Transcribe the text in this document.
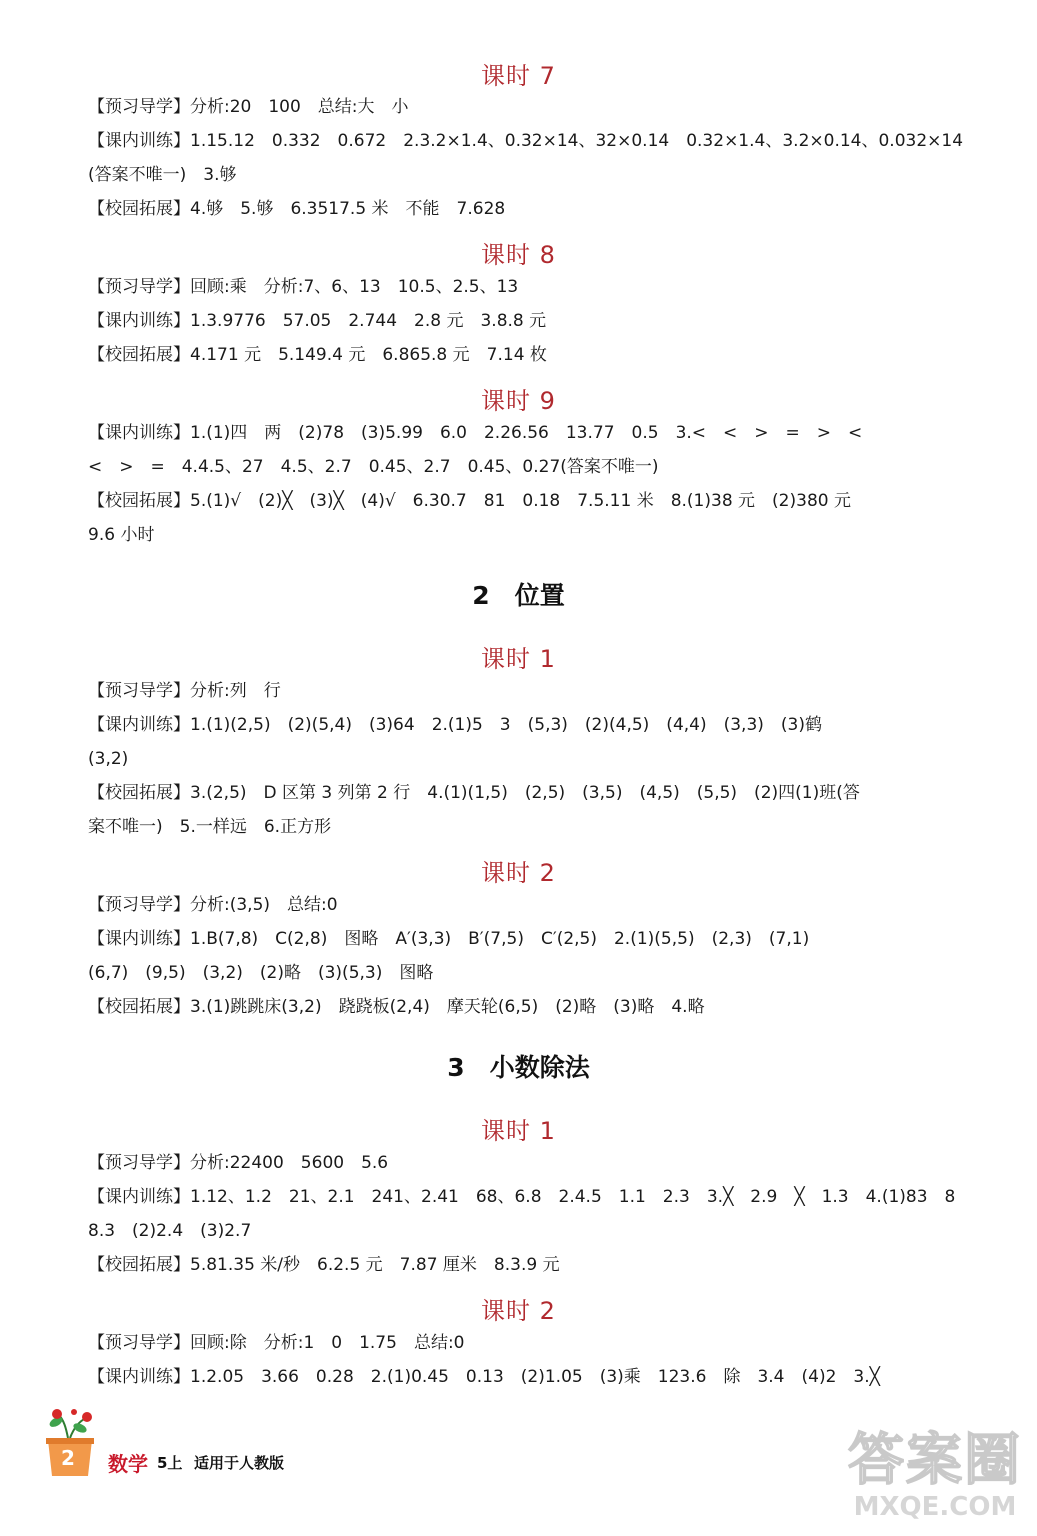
课时 7
【预习导学】分析:20　100　总结:大　小
【课内训练】1.15.12　0.332　0.672　2.3.2×1.4、0.32×14、32×0.14　0.32×1.4、3.2×0.14、0.032×14
(答案不唯一)　3.够
【校园拓展】4.够　5.够　6.3517.5 米　不能　7.628
课时 8
【预习导学】回顾:乘　分析:7、6、13　10.5、2.5、13
【课内训练】1.3.9776　57.05　2.744　2.8 元　3.8.8 元
【校园拓展】4.171 元　5.149.4 元　6.865.8 元　7.14 枚
课时 9
【课内训练】1.(1)四　两　(2)78　(3)5.99　6.0　2.26.56　13.77　0.5　3.<　<　>　=　>　<
<　>　=　4.4.5、27　4.5、2.7　0.45、2.7　0.45、0.27(答案不唯一)
【校园拓展】5.(1)√　(2)╳　(3)╳　(4)√　6.30.7　81　0.18　7.5.11 米　8.(1)38 元　(2)380 元
9.6 小时
2　位置
课时 1
【预习导学】分析:列　行
【课内训练】1.(1)(2,5)　(2)(5,4)　(3)64　2.(1)5　3　(5,3)　(2)(4,5)　(4,4)　(3,3)　(3)鹤
(3,2)
【校园拓展】3.(2,5)　D 区第 3 列第 2 行　4.(1)(1,5)　(2,5)　(3,5)　(4,5)　(5,5)　(2)四(1)班(答
案不唯一)　5.一样远　6.正方形
课时 2
【预习导学】分析:(3,5)　总结:0
【课内训练】1.B(7,8)　C(2,8)　图略　A′(3,3)　B′(7,5)　C′(2,5)　2.(1)(5,5)　(2,3)　(7,1)
(6,7)　(9,5)　(3,2)　(2)略　(3)(5,3)　图略
【校园拓展】3.(1)跳跳床(3,2)　跷跷板(2,4)　摩天轮(6,5)　(2)略　(3)略　4.略
3　小数除法
课时 1
【预习导学】分析:22400　5600　5.6
【课内训练】1.12、1.2　21、2.1　241、2.41　68、6.8　2.4.5　1.1　2.3　3.╳　2.9　╳　1.3　4.(1)83　8
8.3　(2)2.4　(3)2.7
【校园拓展】5.81.35 米/秒　6.2.5 元　7.87 厘米　8.3.9 元
课时 2
【预习导学】回顾:除　分析:1　0　1.75　总结:0
【课内训练】1.2.05　3.66　0.28　2.(1)0.45　0.13　(2)1.05　(3)乘　123.6　除　3.4　(4)2　3.╳
2	数学 5上 适用于人教版	答案圈
MXQE.COM
